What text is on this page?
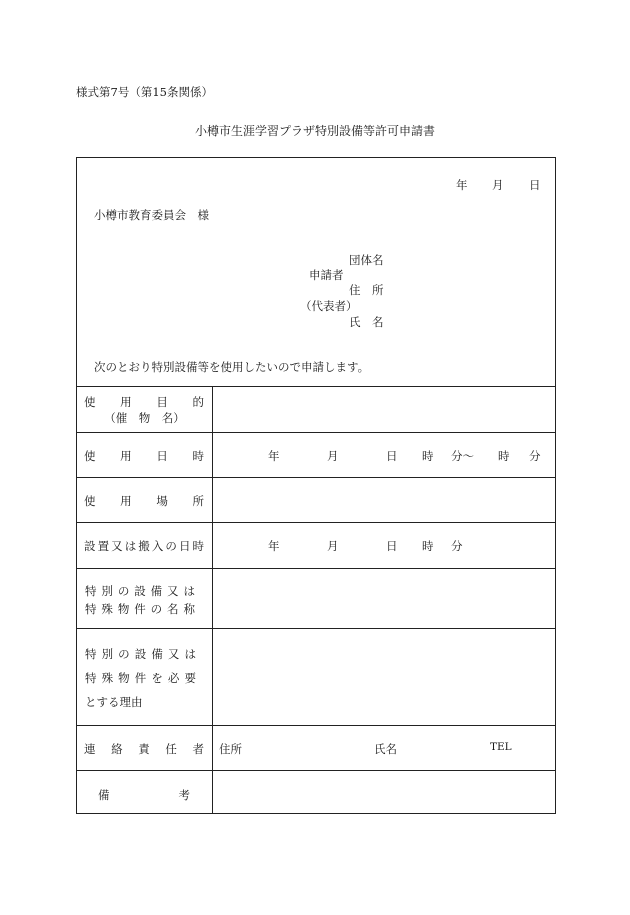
様式第7号（第15条関係）
小樽市生涯学習プラザ特別設備等許可申請書
年 月 日
小樽市教育委員会　様
団体名
申請者
住　所
（代表者）
氏　名
次のとおり特別設備等を使用したいので申請します。
使 用 目 的
（催　物　名）
使 用 日 時	年	月	日 時 分～ 時 分
使 用 場 所
設 置 又 は 搬 入 の 日 時	年	月	日 時 分
特 別 の 設 備 又 は
特 殊 物 件 の 名 称
特 別 の 設 備 又 は
特 殊 物 件 を 必 要
とする理由
連 絡 責 任 者 住所	氏名	TEL
備	考
